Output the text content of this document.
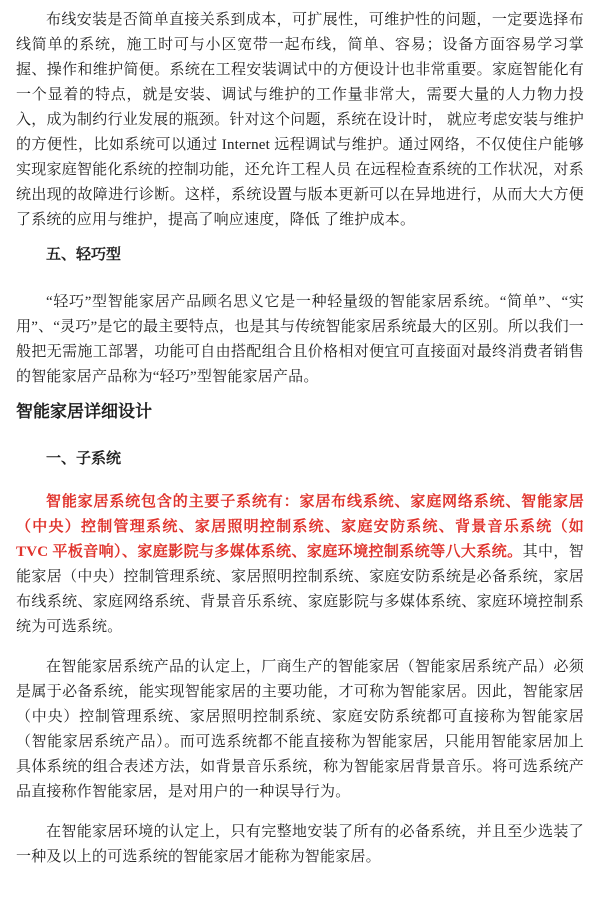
布线安装是否简单直接关系到成本，可扩展性，可维护性的问题，一定要选择布线简单的系统，施工时可与小区宽带一起布线，简单、容易；设备方面容易学习掌握、操作和维护简便。系统在工程安装调试中的方便设计也非常重要。家庭智能化有一个显着的特点，就是安装、调试与维护的工作量非常大，需要大量的人力物力投入，成为制约行业发展的瓶颈。针对这个问题，系统在设计时， 就应考虑安装与维护的方便性，比如系统可以通过 Internet 远程调试与维护。通过网络，不仅使住户能够实现家庭智能化系统的控制功能，还允许工程人员 在远程检查系统的工作状况，对系统出现的故障进行诊断。这样，系统设置与版本更新可以在异地进行，从而大大方便了系统的应用与维护，提高了响应速度，降低 了维护成本。

五、轻巧型

“轻巧”型智能家居产品顾名思义它是一种轻量级的智能家居系统。“简单”、“实用”、“灵巧”是它的最主要特点，也是其与传统智能家居系统最大的区别。所以我们一般把无需施工部署，功能可自由搭配组合且价格相对便宜可直接面对最终消费者销售的智能家居产品称为“轻巧”型智能家居产品。

智能家居详细设计
一、子系统

智能家居系统包含的主要子系统有：家居布线系统、家庭网络系统、智能家居（中央）控制管理系统、家居照明控制系统、家庭安防系统、背景音乐系统（如 TVC 平板音响）、家庭影院与多媒体系统、家庭环境控制系统等八大系统。其中，智能家居（中央）控制管理系统、家居照明控制系统、家庭安防系统是必备系统，家居布线系统、家庭网络系统、背景音乐系统、家庭影院与多媒体系统、家庭环境控制系统为可选系统。

在智能家居系统产品的认定上，厂商生产的智能家居（智能家居系统产品）必须是属于必备系统，能实现智能家居的主要功能，才可称为智能家居。因此，智能家居（中央）控制管理系统、家居照明控制系统、家庭安防系统都可直接称为智能家居（智能家居系统产品）。而可选系统都不能直接称为智能家居，只能用智能家居加上具体系统的组合表述方法，如背景音乐系统，称为智能家居背景音乐。将可选系统产品直接称作智能家居，是对用户的一种误导行为。

在智能家居环境的认定上，只有完整地安装了所有的必备系统，并且至少选装了一种及以上的可选系统的智能家居才能称为智能家居。
